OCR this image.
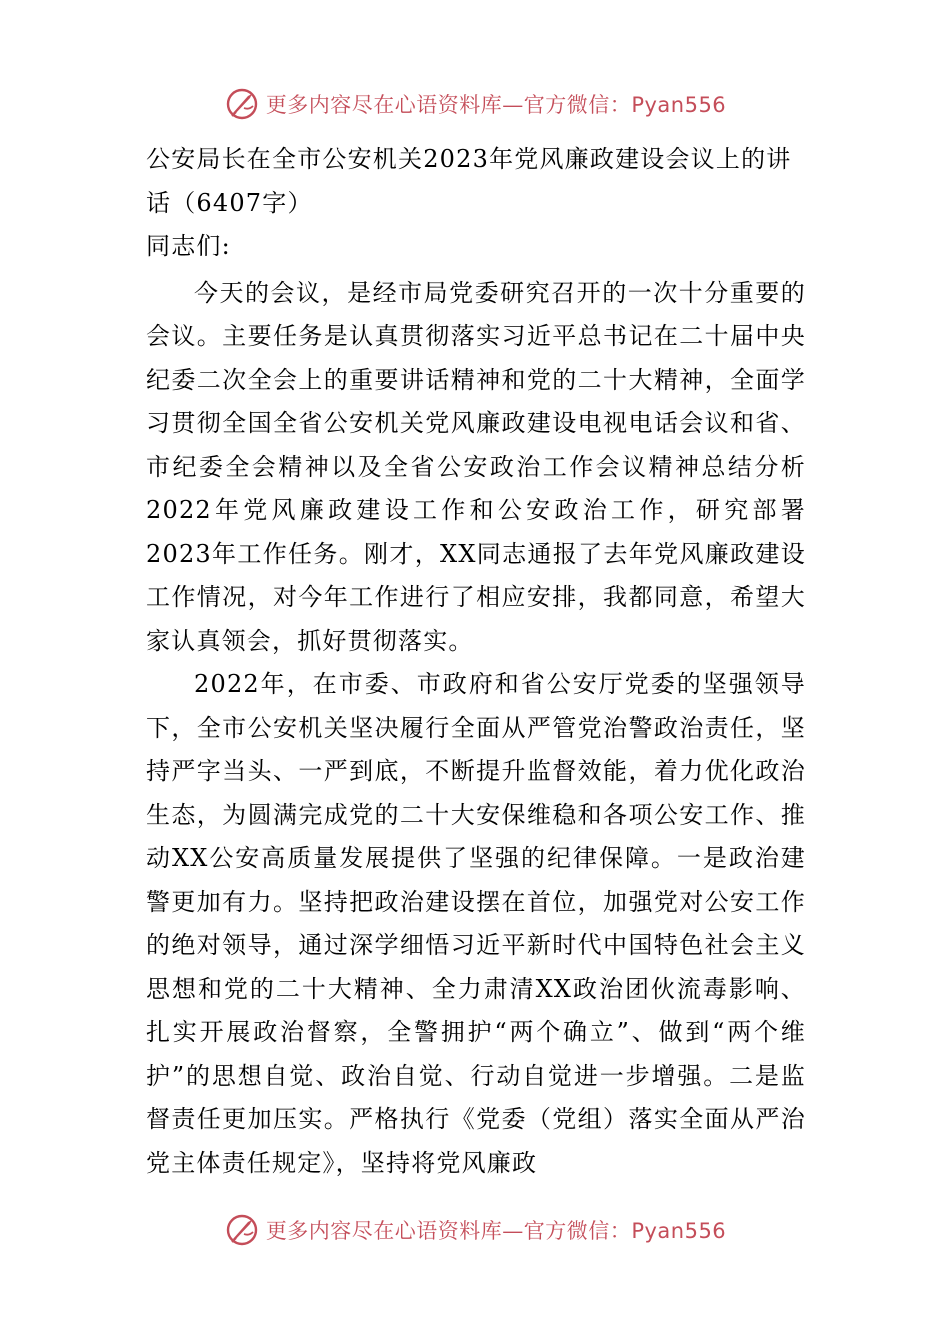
更多内容尽在心语资料库—官方微信：Pyan556

公安局长在全市公安机关2023年党风廉政建设会议上的讲话（6407字）

同志们:

今天的会议，是经市局党委研究召开的一次十分重要的会议。主要任务是认真贯彻落实习近平总书记在二十届中央纪委二次全会上的重要讲话精神和党的二十大精神，全面学习贯彻全国全省公安机关党风廉政建设电视电话会议和省、市纪委全会精神以及全省公安政治工作会议精神总结分析2022年党风廉政建设工作和公安政治工作，研究部署2023年工作任务。刚才，XX同志通报了去年党风廉政建设工作情况，对今年工作进行了相应安排，我都同意，希望大家认真领会，抓好贯彻落实。

2022年，在市委、市政府和省公安厅党委的坚强领导下，全市公安机关坚决履行全面从严管党治警政治责任，坚持严字当头、一严到底，不断提升监督效能，着力优化政治生态，为圆满完成党的二十大安保维稳和各项公安工作、推动XX公安高质量发展提供了坚强的纪律保障。一是政治建警更加有力。坚持把政治建设摆在首位，加强党对公安工作的绝对领导，通过深学细悟习近平新时代中国特色社会主义思想和党的二十大精神、全力肃清XX政治团伙流毒影响、扎实开展政治督察，全警拥护“两个确立”、做到“两个维护”的思想自觉、政治自觉、行动自觉进一步增强。二是监督责任更加压实。严格执行《党委（党组）落实全面从严治党主体责任规定》，坚持将党风廉政

更多内容尽在心语资料库—官方微信：Pyan556
